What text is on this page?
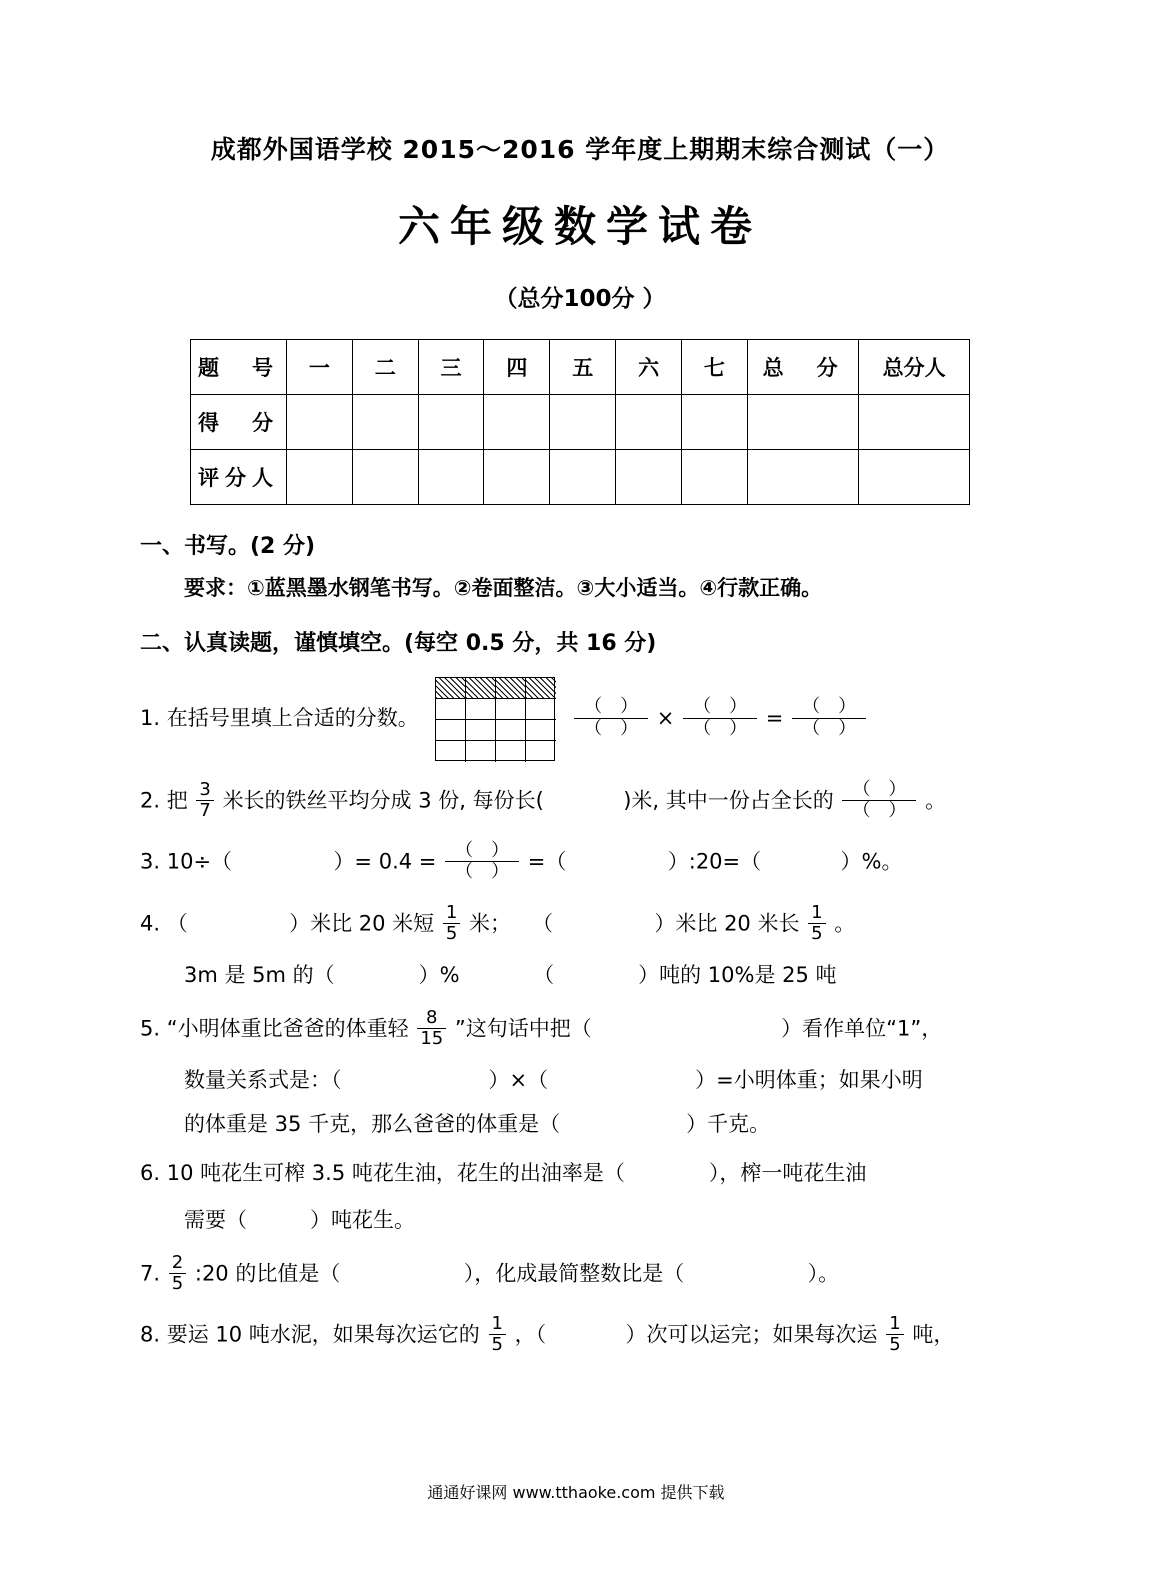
成都外国语学校 2015～2016 学年度上期期末综合测试（一）
六年级数学试卷
（总分100分 ）
题　号	一	二	三	四	五	六	七	总　分	总分人
得　分									
评分人									
一、书写。(2 分)
要求：①蓝黑墨水钢笔书写。②卷面整洁。③大小适当。④行款正确。
二、认真读题，谨慎填空。(每空 0.5 分，共 16 分)
1. 在括号里填上合适的分数。
	$\frac{( )}{( )} \times \frac{( )}{( )} = \frac{( )}{( )}$
2. 把 $\frac{3}{7}$ 米长的铁丝平均分成 3 份, 每份长( 　　　	)米, 其中一份占全长的 $\frac{( )}{( )}$ 。
3. 10÷（ 　　　　	）= $0.4 = \frac{( )}{( )}$ =（ 　　　　	）:20=（ 　　　	）%。
4. （ 　　　　	）米比 20 米短 $\frac{1}{5}$ 米；　　（ 　　　　	）米比 20 米长 $\frac{1}{5}$ 。
3m 是 5m 的（　　　　）%　　　　（　　　　）吨的 10%是 25 吨
5. “小明体重比爸爸的体重轻 $\frac{8}{15}$ ”这句话中把（ 　　　　　　　　	）看作单位“1”，
数量关系式是：（　　　　　　　）×（　　　　　　　）=小明体重；如果小明
的体重是 35 千克，那么爸爸的体重是（　　　　　　）千克。
6. 10 吨花生可榨 3.5 吨花生油，花生的出油率是（　　　　），榨一吨花生油
需要（　　　）吨花生。
7. $\frac{2}{5}$ :20 的比值是（ 　　　　　	），化成最简整数比是（ 　　　　　	）。
8. 要运 10 吨水泥，如果每次运它的 $\frac{1}{5}$ ，（ 　　　	）次可以运完；如果每次运 $\frac{1}{5}$ 吨，
通通好课网 www.tthaoke.com 提供下载
